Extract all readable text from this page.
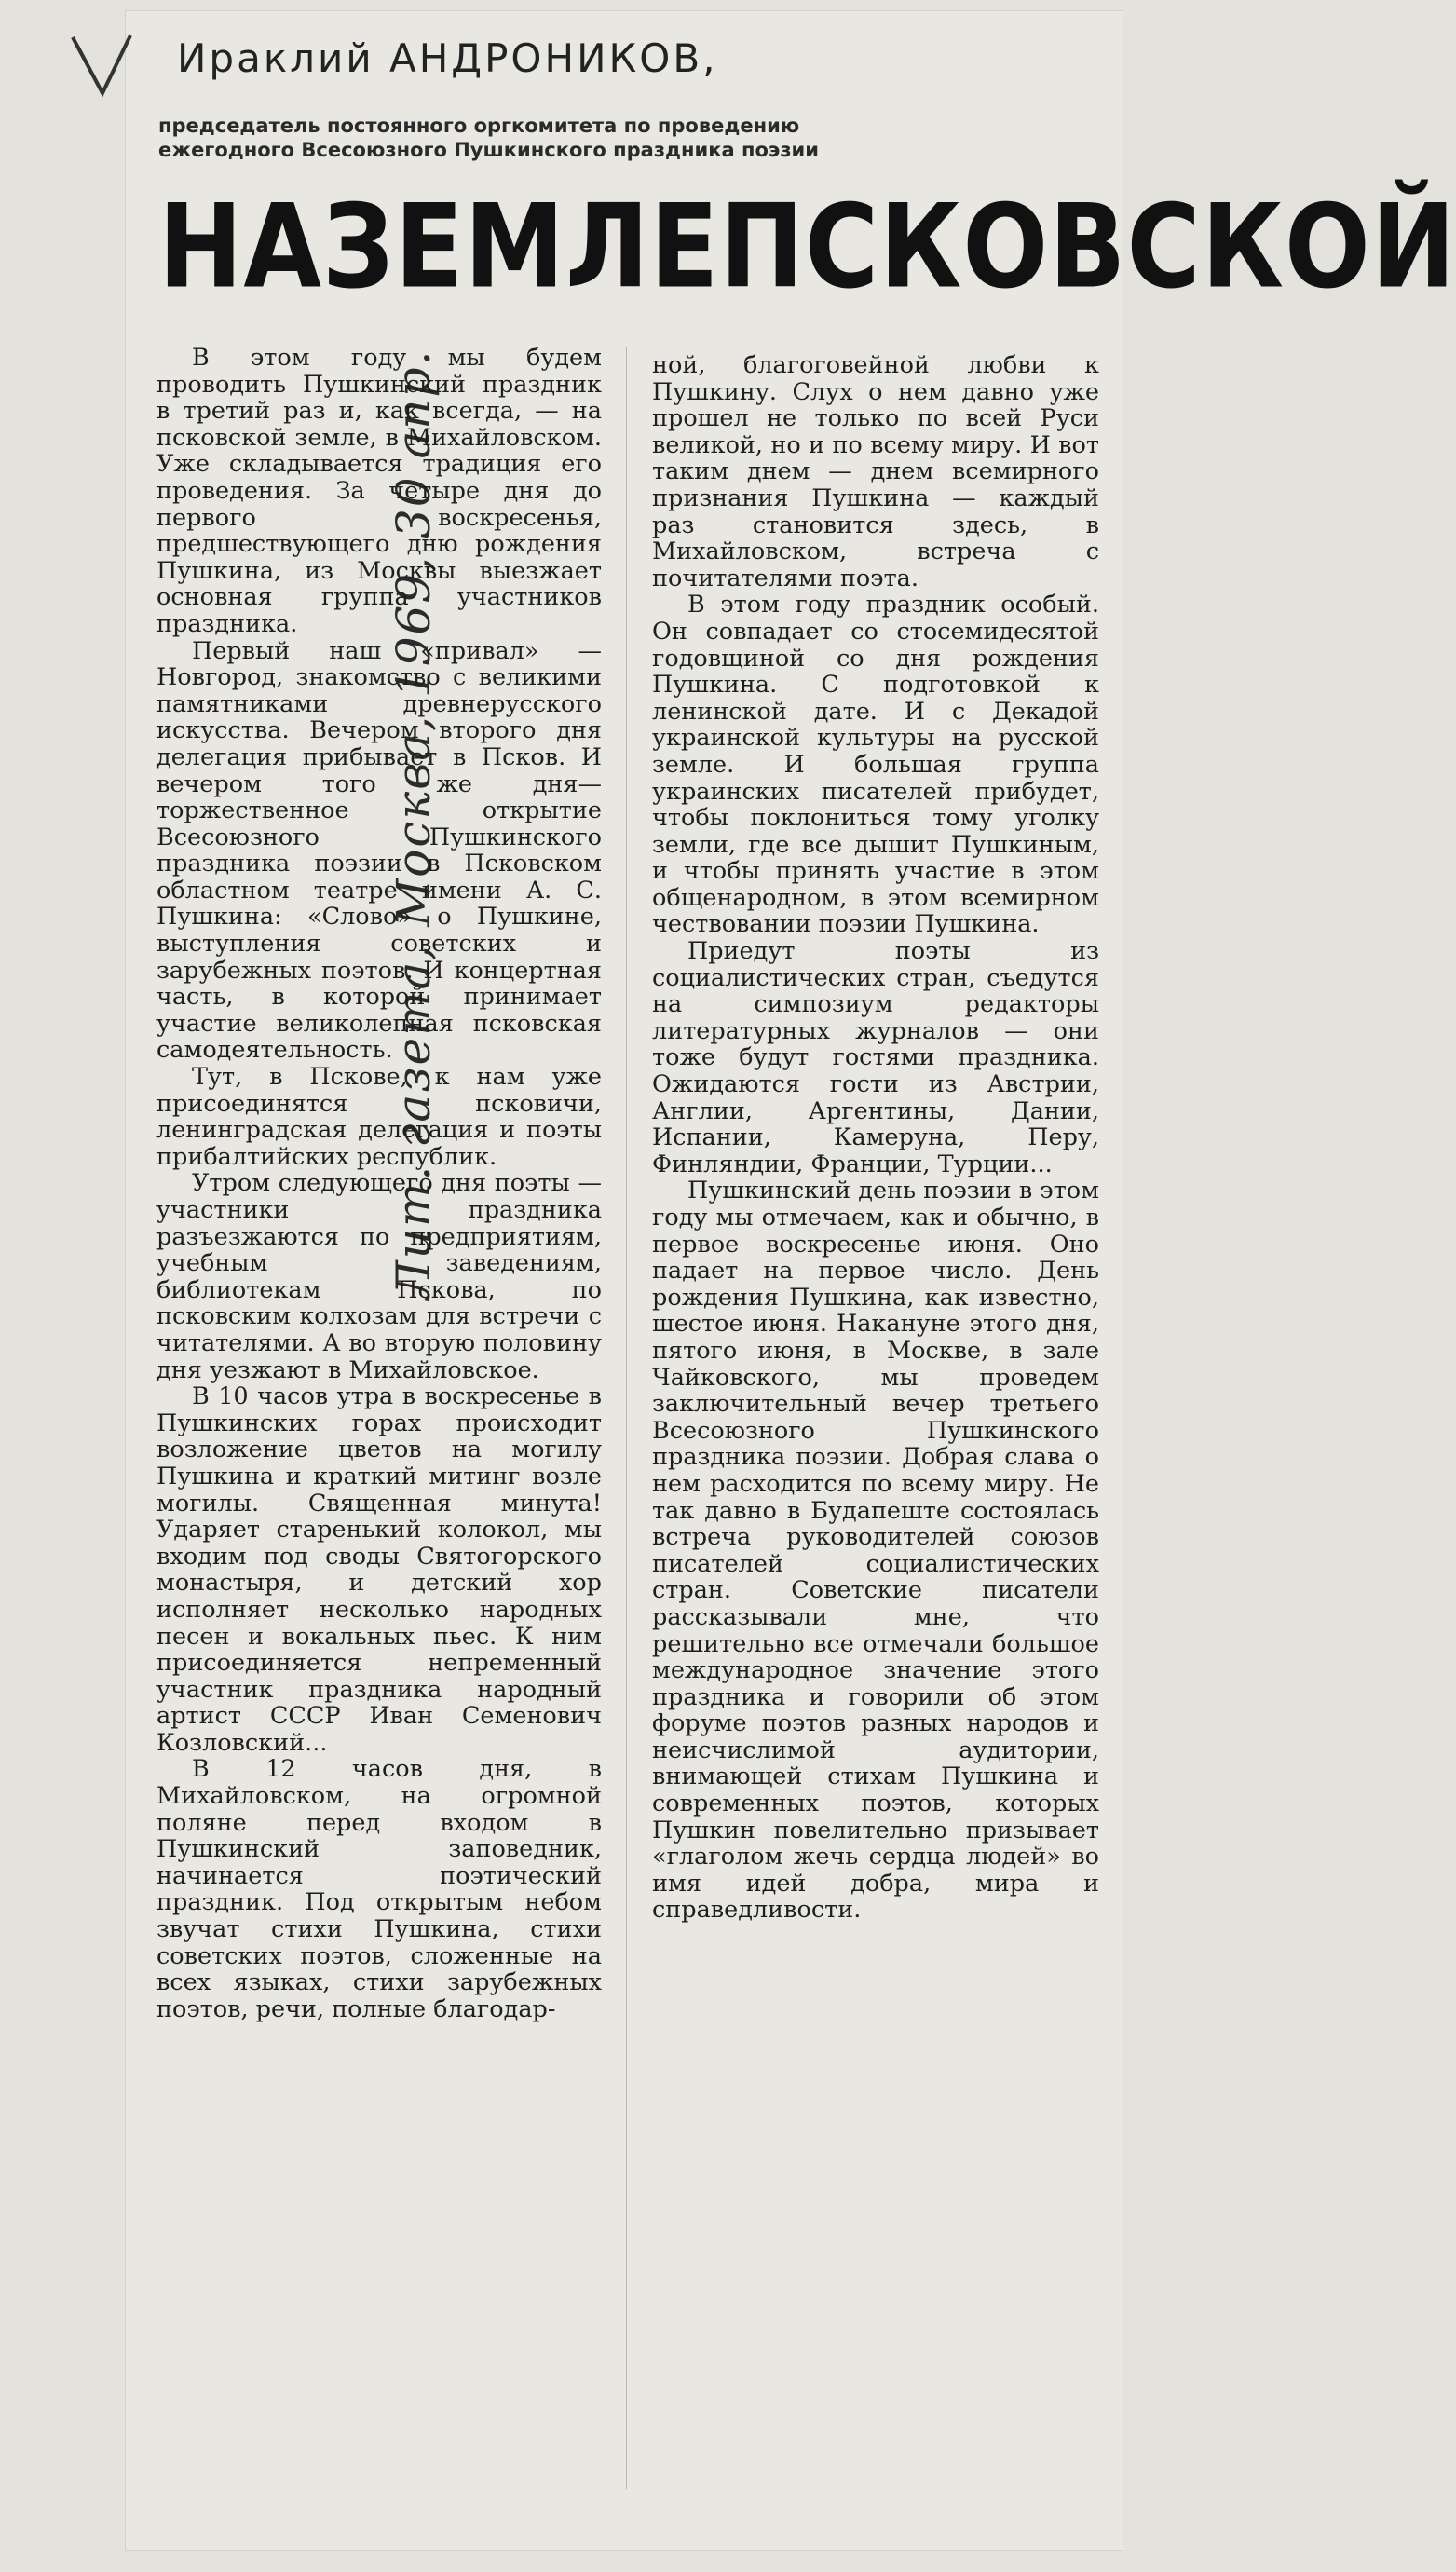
Лит. газета, Москва, 1969, 30 апр.
Ираклий АНДРОНИКОВ,
председатель постоянного оргкомитета по проведению
ежегодного Всесоюзного Пушкинского праздника поэзии
НА ЗЕМЛЕ ПСКОВСКОЙ

В этом году мы будем проводить Пушкинский праздник в третий раз и, как всегда, — на псковской земле, в Михайловском. Уже складывается традиция его проведения. За четыре дня до первого воскресенья, предшествующего дню рождения Пушкина, из Москвы выезжает основная группа участников праздника.

Первый наш «привал» — Новгород, знакомство с великими памятниками древнерусского искусства. Вечером второго дня делегация прибывает в Псков. И вечером того же дня—торжественное открытие Всесоюзного Пушкинского праздника поэзии в Псковском областном театре имени А. С. Пушкина: «Слово» о Пушкине, выступления советских и зарубежных поэтов. И концертная часть, в которой принимает участие великолепная псковская самодеятельность.

Тут, в Пскове, к нам уже присоединятся псковичи, ленинградская делегация и поэты прибалтийских республик.

Утром следующего дня поэты — участники праздника разъезжаются по предприятиям, учебным заведениям, библиотекам Пскова, по псковским колхозам для встречи с читателями. А во вторую половину дня уезжают в Михайловское.

В 10 часов утра в воскресенье в Пушкинских горах происходит возложение цветов на могилу Пушкина и краткий митинг возле могилы. Священная минута! Ударяет старенький колокол, мы входим под своды Святогорского монастыря, и детский хор исполняет несколько народных песен и вокальных пьес. К ним присоединяется непременный участник праздника народный артист СССР Иван Семенович Козловский...

В 12 часов дня, в Михайловском, на огромной поляне перед входом в Пушкинский заповедник, начинается поэтический праздник. Под открытым небом звучат стихи Пушкина, стихи советских поэтов, сложенные на всех языках, стихи зарубежных поэтов, речи, полные благодар-

ной, благоговейной любви к Пушкину. Слух о нем давно уже прошел не только по всей Руси великой, но и по всему миру. И вот таким днем — днем всемирного признания Пушкина — каждый раз становится здесь, в Михайловском, встреча с почитателями поэта.

В этом году праздник особый. Он совпадает со стосемидесятой годовщиной со дня рождения Пушкина. С подготовкой к ленинской дате. И с Декадой украинской культуры на русской земле. И большая группа украинских писателей прибудет, чтобы поклониться тому уголку земли, где все дышит Пушкиным, и чтобы принять участие в этом общенародном, в этом всемирном чествовании поэзии Пушкина.

Приедут поэты из социалистических стран, съедутся на симпозиум редакторы литературных журналов — они тоже будут гостями праздника. Ожидаются гости из Австрии, Англии, Аргентины, Дании, Испании, Камеруна, Перу, Финляндии, Франции, Турции...

Пушкинский день поэзии в этом году мы отмечаем, как и обычно, в первое воскресенье июня. Оно падает на первое число. День рождения Пушкина, как известно, шестое июня. Накануне этого дня, пятого июня, в Москве, в зале Чайковского, мы проведем заключительный вечер третьего Всесоюзного Пушкинского праздника поэзии. Добрая слава о нем расходится по всему миру. Не так давно в Будапеште состоялась встреча руководителей союзов писателей социалистических стран. Советские писатели рассказывали мне, что решительно все отмечали большое международное значение этого праздника и говорили об этом форуме поэтов разных народов и неисчислимой аудитории, внимающей стихам Пушкина и современных поэтов, которых Пушкин повелительно призывает «глаголом жечь сердца людей» во имя идей добра, мира и справедливости.
